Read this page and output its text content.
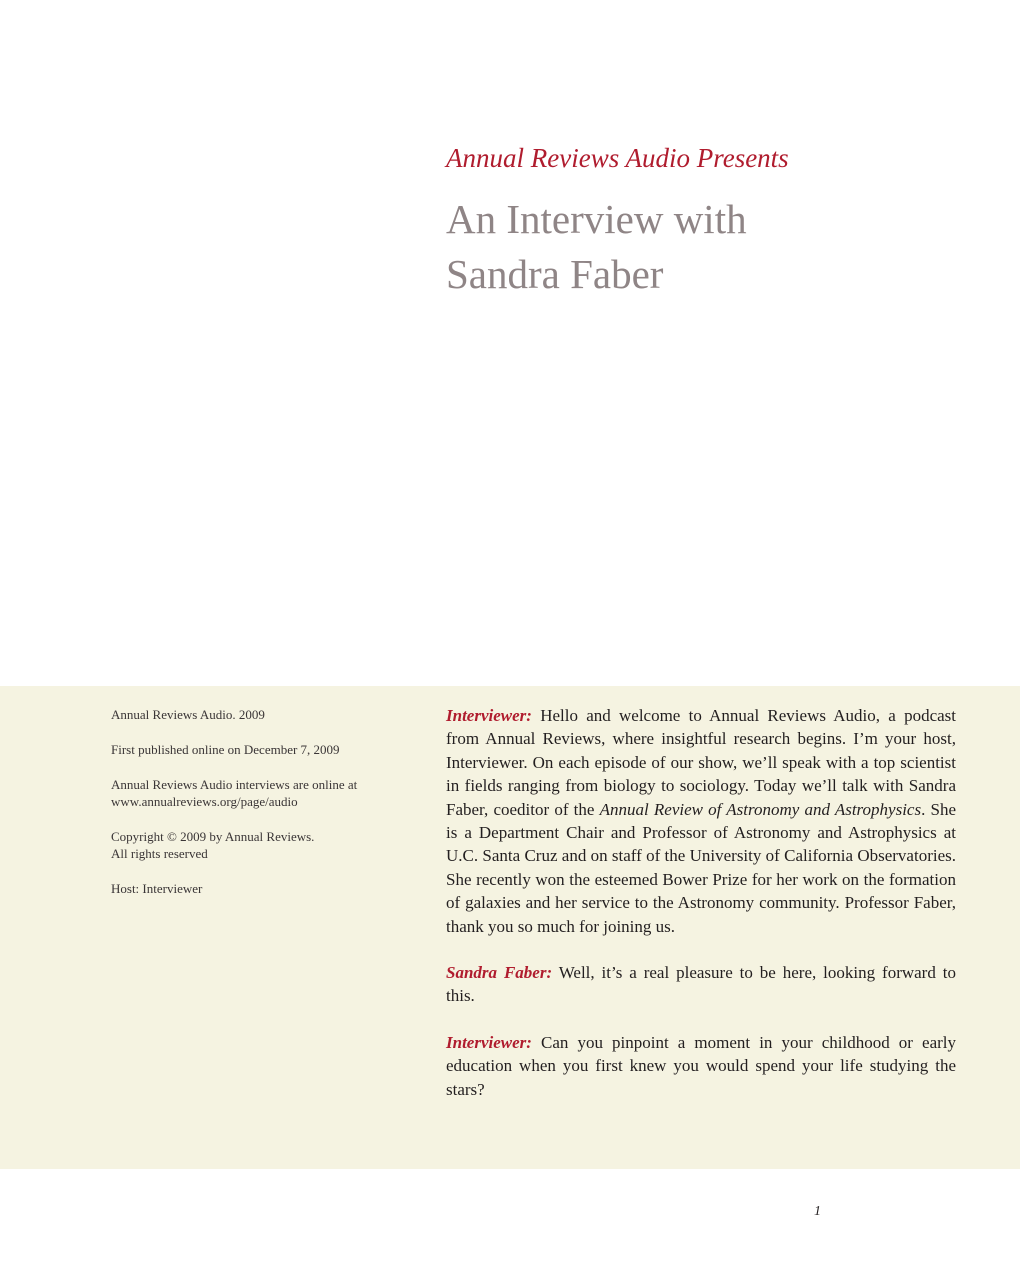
Annual Reviews Audio Presents

An Interview with
Sandra Faber

Annual Reviews Audio. 2009

First published online on December 7, 2009

Annual Reviews Audio interviews are online at
www.annualreviews.org/page/audio

Copyright © 2009 by Annual Reviews.
All rights reserved

Host: Interviewer

Interviewer: Hello and welcome to Annual Reviews Audio, a podcast from Annual Reviews, where insightful research begins. I’m your host, Interviewer. On each episode of our show, we’ll speak with a top scientist in fields ranging from biology to sociology. Today we’ll talk with Sandra Faber, coeditor of the Annual Review of Astronomy and Astrophysics. She is a Department Chair and Professor of Astronomy and Astrophysics at U.C. Santa Cruz and on staff of the University of California Observatories. She recently won the esteemed Bower Prize for her work on the formation of galaxies and her service to the Astronomy community. Professor Faber, thank you so much for joining us.

Sandra Faber: Well, it’s a real pleasure to be here, looking forward to this.

Interviewer: Can you pinpoint a moment in your childhood or early education when you first knew you would spend your life studying the stars?

1
